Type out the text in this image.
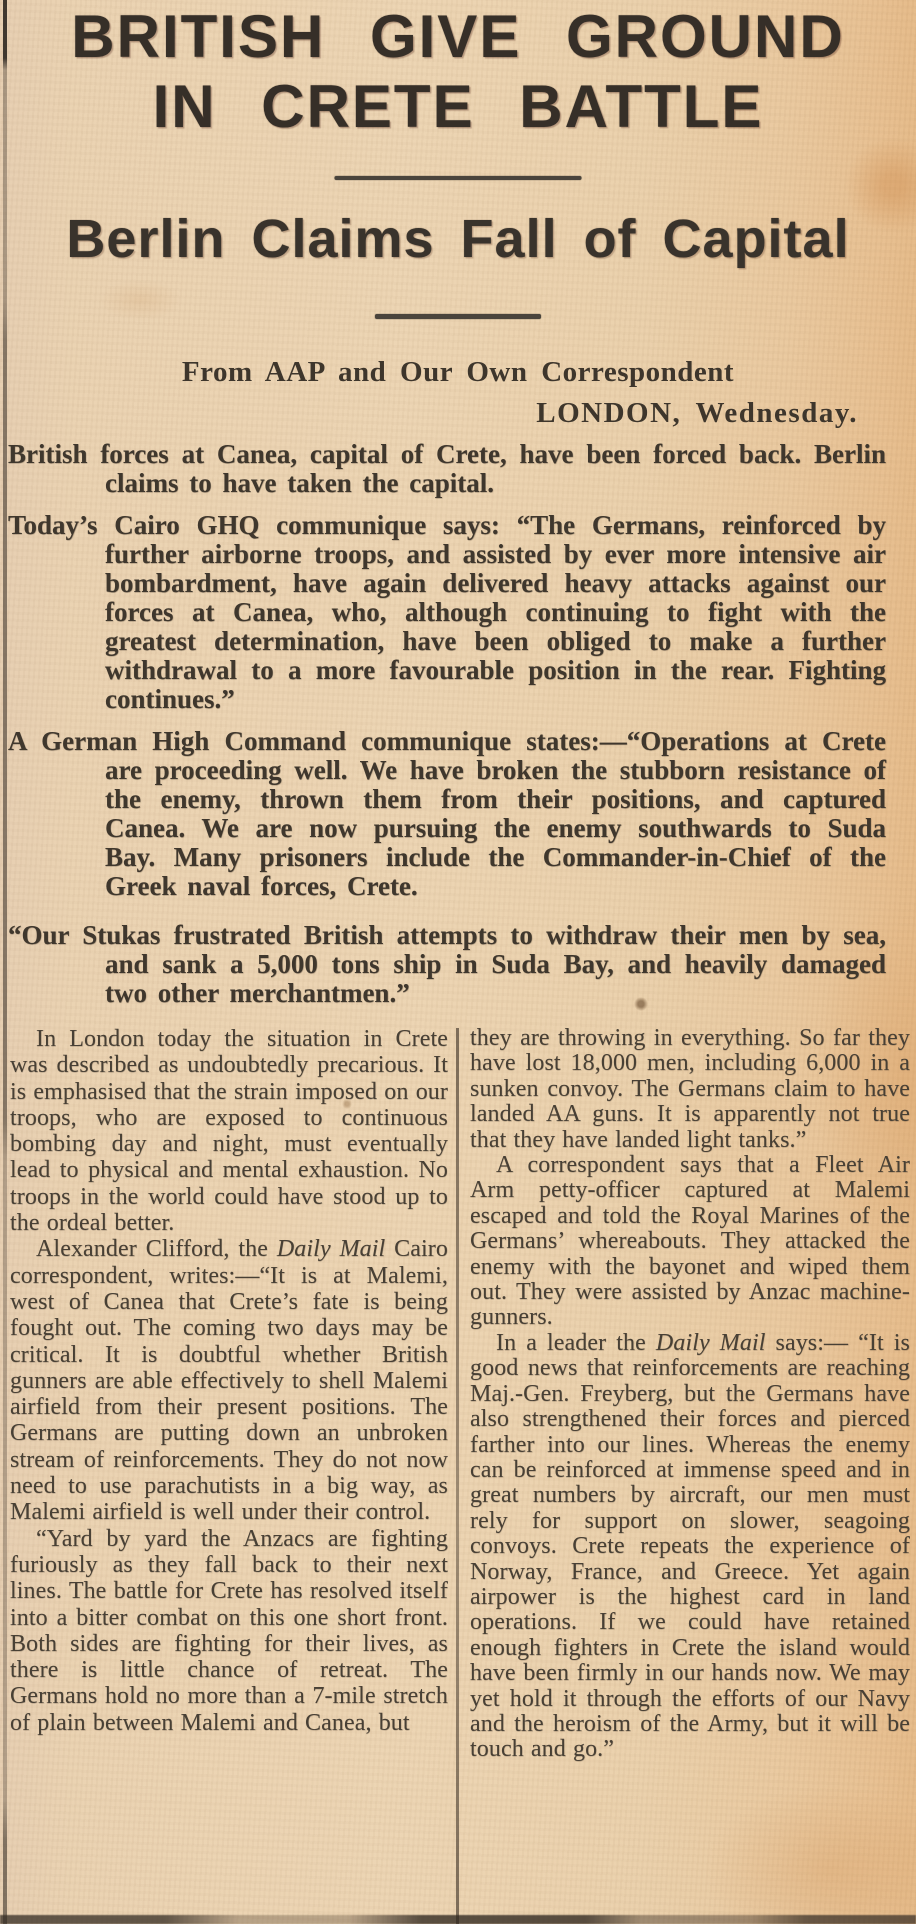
BRITISH GIVE GROUND
IN CRETE BATTLE
Berlin Claims Fall of Capital
From AAP and Our Own Correspondent
LONDON, Wednesday.

British forces at Canea, capital of Crete, have been forced back. Berlin claims to have taken the capital.

Today’s Cairo GHQ communique says: “The Germans, reinforced by further airborne troops, and assisted by ever more intensive air bombardment, have again delivered heavy attacks against our forces at Canea, who, although continuing to fight with the greatest determination, have been obliged to make a further withdrawal to a more favourable position in the rear. Fighting continues.”

A German High Command communique states:—“Operations at Crete are proceeding well. We have broken the stubborn resistance of the enemy, thrown them from their positions, and captured Canea. We are now pursuing the enemy southwards to Suda Bay. Many prisoners include the Commander-in-Chief of the Greek naval forces, Crete.

“Our Stukas frustrated British attempts to withdraw their men by sea, and sank a 5,000 tons ship in Suda Bay, and heavily damaged two other merchantmen.”

In London today the situation in Crete was described as undoubtedly precarious. It is emphasised that the strain imposed on our troops, who are exposed to continuous bombing day and night, must eventually lead to physical and mental exhaustion. No troops in the world could have stood up to the ordeal better.

Alexander Clifford, the Daily Mail Cairo correspondent, writes:—“It is at Malemi, west of Canea that Crete’s fate is being fought out. The coming two days may be critical. It is doubtful whether British gunners are able effectively to shell Malemi airfield from their present positions. The Germans are putting down an unbroken stream of reinforcements. They do not now need to use parachutists in a big way, as Malemi airfield is well under their control.

“Yard by yard the Anzacs are fighting furiously as they fall back to their next lines. The battle for Crete has resolved itself into a bitter combat on this one short front. Both sides are fighting for their lives, as there is little chance of retreat. The Germans hold no more than a 7-mile stretch of plain between Malemi and Canea, but

they are throwing in everything. So far they have lost 18,000 men, including 6,000 in a sunken convoy. The Germans claim to have landed AA guns. It is apparently not true that they have landed light tanks.”

A correspondent says that a Fleet Air Arm petty-officer captured at Malemi escaped and told the Royal Marines of the Germans’ whereabouts. They attacked the enemy with the bayonet and wiped them out. They were assisted by Anzac machine-gunners.

In a leader the Daily Mail says:— “It is good news that reinforcements are reaching Maj.-Gen. Freyberg, but the Germans have also strengthened their forces and pierced farther into our lines. Whereas the enemy can be reinforced at immense speed and in great numbers by aircraft, our men must rely for support on slower, seagoing convoys. Crete repeats the experience of Norway, France, and Greece. Yet again airpower is the highest card in land operations. If we could have retained enough fighters in Crete the island would have been firmly in our hands now. We may yet hold it through the efforts of our Navy and the heroism of the Army, but it will be touch and go.”
